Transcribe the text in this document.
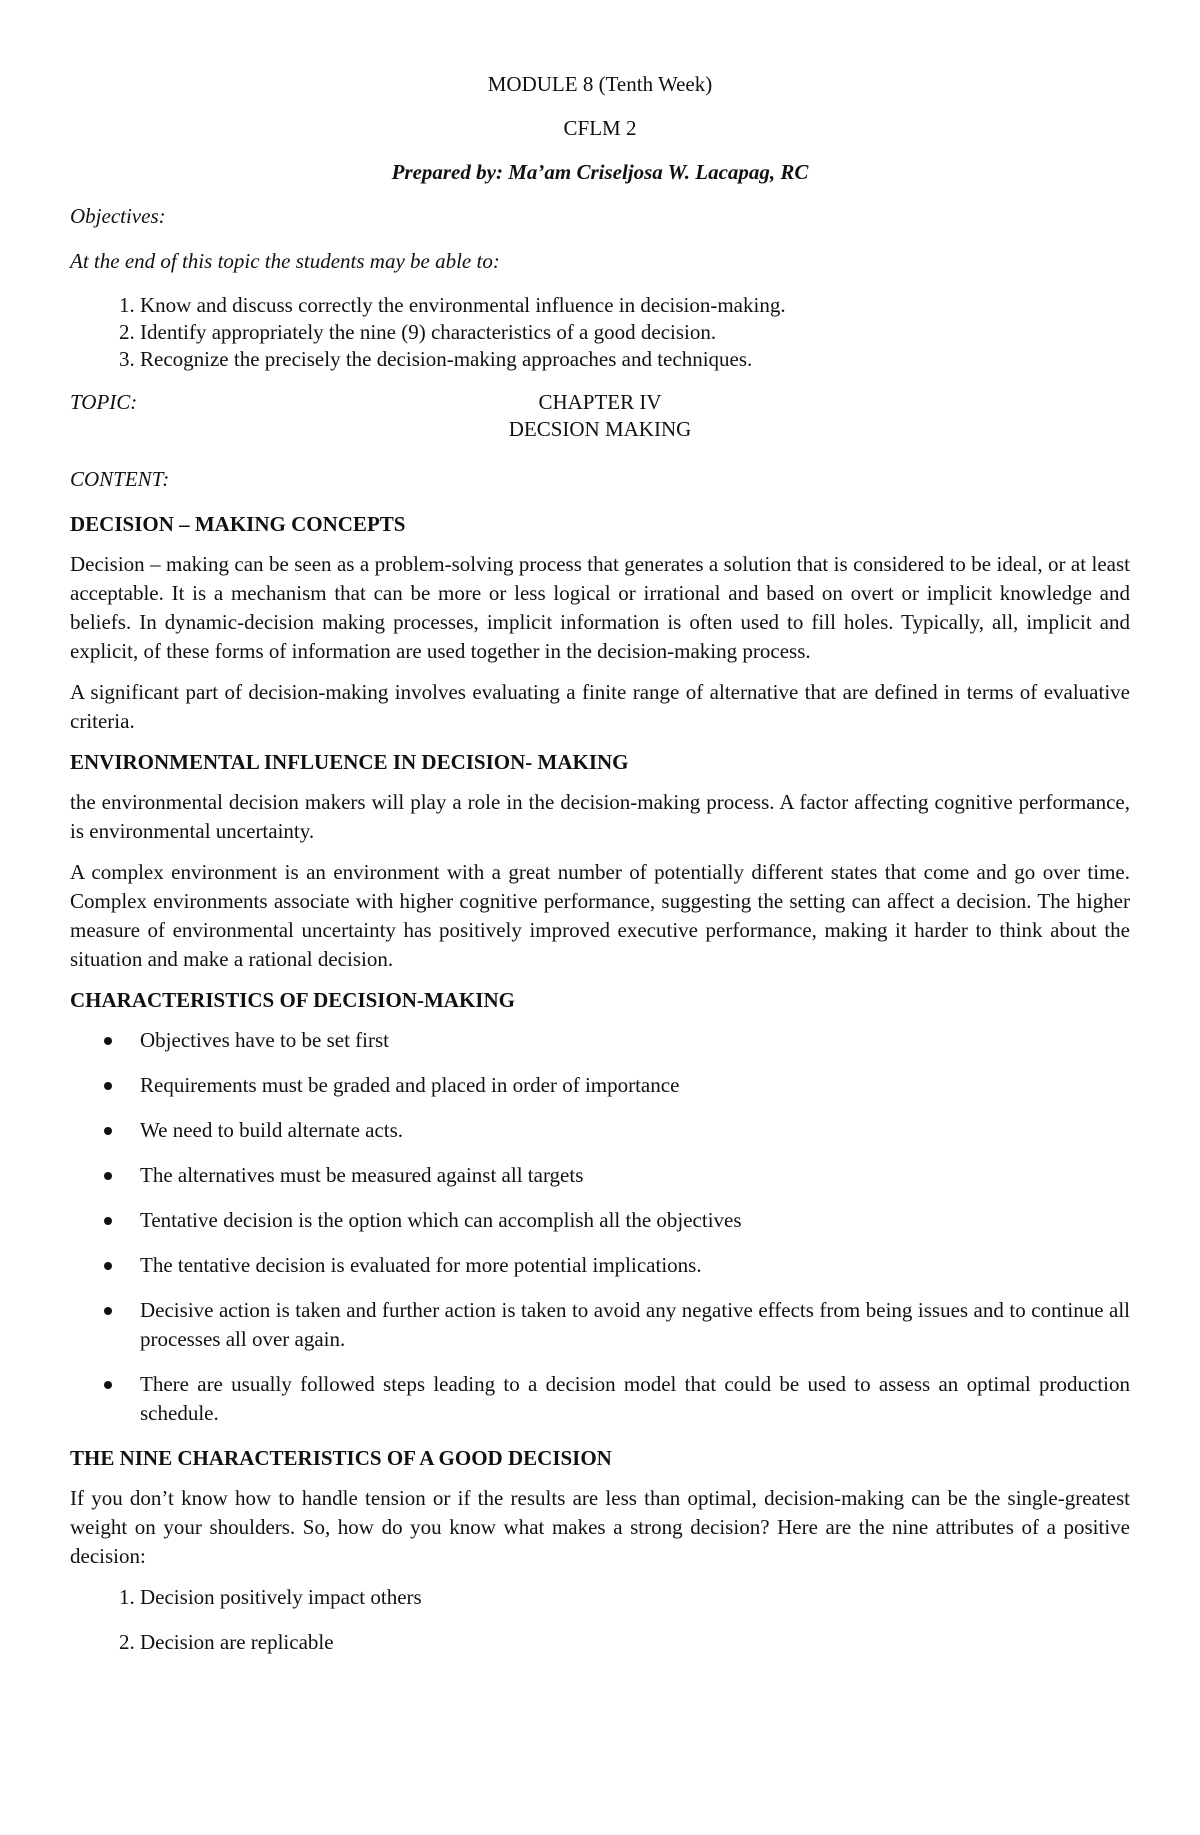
MODULE 8 (Tenth Week)
CFLM 2
Prepared by: Ma’am Criseljosa W. Lacapag, RC

Objectives:

At the end of this topic the students may be able to:

1. Know and discuss correctly the environmental influence in decision-making.
2. Identify appropriately the nine (9) characteristics of a good decision.
3. Recognize the precisely the decision-making approaches and techniques.
TOPIC:	CHAPTER IV
DECSION MAKING

CONTENT:

DECISION – MAKING CONCEPTS

Decision – making can be seen as a problem-solving process that generates a solution that is considered to be ideal, or at least acceptable. It is a mechanism that can be more or less logical or irrational and based on overt or implicit knowledge and beliefs. In dynamic-decision making processes, implicit information is often used to fill holes. Typically, all, implicit and explicit, of these forms of information are used together in the decision-making process.

A significant part of decision-making involves evaluating a finite range of alternative that are defined in terms of evaluative criteria.

ENVIRONMENTAL INFLUENCE IN DECISION- MAKING

the environmental decision makers will play a role in the decision-making process. A factor affecting cognitive performance, is environmental uncertainty.

A complex environment is an environment with a great number of potentially different states that come and go over time. Complex environments associate with higher cognitive performance, suggesting the setting can affect a decision. The higher measure of environmental uncertainty has positively improved executive performance, making it harder to think about the situation and make a rational decision.

CHARACTERISTICS OF DECISION-MAKING
Objectives have to be set first
Requirements must be graded and placed in order of importance
We need to build alternate acts.
The alternatives must be measured against all targets
Tentative decision is the option which can accomplish all the objectives
The tentative decision is evaluated for more potential implications.
Decisive action is taken and further action is taken to avoid any negative effects from being issues and to continue all processes all over again.
There are usually followed steps leading to a decision model that could be used to assess an optimal production schedule.
THE NINE CHARACTERISTICS OF A GOOD DECISION

If you don’t know how to handle tension or if the results are less than optimal, decision-making can be the single-greatest weight on your shoulders. So, how do you know what makes a strong decision? Here are the nine attributes of a positive decision:

1. Decision positively impact others
2. Decision are replicable
